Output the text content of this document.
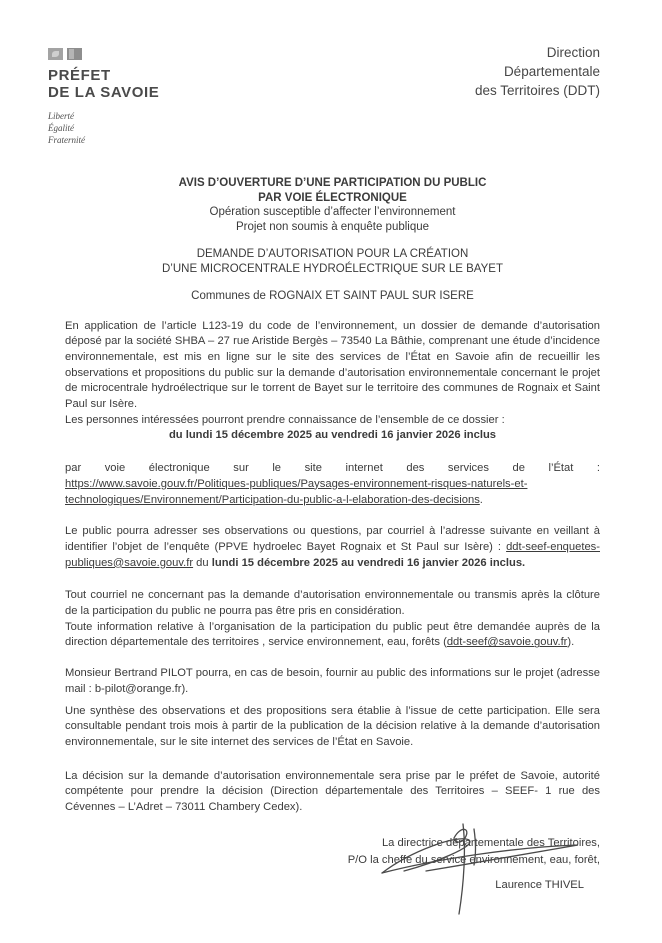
PRÉFET
DE LA SAVOIE
Liberté
Égalité
Fraternité
Direction
Départementale
des Territoires (DDT)
AVIS D’OUVERTURE D’UNE PARTICIPATION DU PUBLIC
PAR VOIE ÉLECTRONIQUE
Opération susceptible d’affecter l’environnement
Projet non soumis à enquête publique
DEMANDE D’AUTORISATION POUR LA CRÉATION
D’UNE MICROCENTRALE HYDROÉLECTRIQUE SUR LE BAYET
Communes de ROGNAIX ET SAINT PAUL SUR ISERE
En application de l’article L123-19 du code de l’environnement, un dossier de demande d’autorisation déposé par la société SHBA – 27 rue Aristide Bergès – 73540 La Bâthie, comprenant une étude d’incidence environnementale, est mis en ligne sur le site des services de l’État en Savoie afin de recueillir les observations et propositions du public sur la demande d’autorisation environnementale concernant le projet de microcentrale hydroélectrique sur le torrent de Bayet sur le territoire des communes de Rognaix et Saint Paul sur Isère.
Les personnes intéressées pourront prendre connaissance de l’ensemble de ce dossier :
du lundi 15 décembre 2025 au vendredi 16 janvier 2026 inclus
par voie électronique sur le site internet des services de l’État :
https://www.savoie.gouv.fr/Politiques-publiques/Paysages-environnement-risques-naturels-et-technologiques/Environnement/Participation-du-public-a-l-elaboration-des-decisions.
Le public pourra adresser ses observations ou questions, par courriel à l’adresse suivante en veillant à identifier l’objet de l’enquête (PPVE hydroelec Bayet Rognaix et St Paul sur Isère) : ddt-seef-enquetes-publiques@savoie.gouv.fr du lundi 15 décembre 2025 au vendredi 16 janvier 2026 inclus.
Tout courriel ne concernant pas la demande d’autorisation environnementale ou transmis après la clôture de la participation du public ne pourra pas être pris en considération.
Toute information relative à l’organisation de la participation du public peut être demandée auprès de la direction départementale des territoires , service environnement, eau, forêts (ddt-seef@savoie.gouv.fr).
Monsieur Bertrand PILOT pourra, en cas de besoin, fournir au public des informations sur le projet (adresse mail : b-pilot@orange.fr).
Une synthèse des observations et des propositions sera établie à l’issue de cette participation. Elle sera consultable pendant trois mois à partir de la publication de la décision relative à la demande d’autorisation environnementale, sur le site internet des services de l’État en Savoie.
La décision sur la demande d’autorisation environnementale sera prise par le préfet de Savoie, autorité compétente pour prendre la décision (Direction départementale des Territoires – SEEF- 1 rue des Cévennes – L’Adret – 73011 Chambery Cedex).
La directrice départementale des Territoires,
P/O la cheffe du service environnement, eau, forêt,
Laurence THIVEL
